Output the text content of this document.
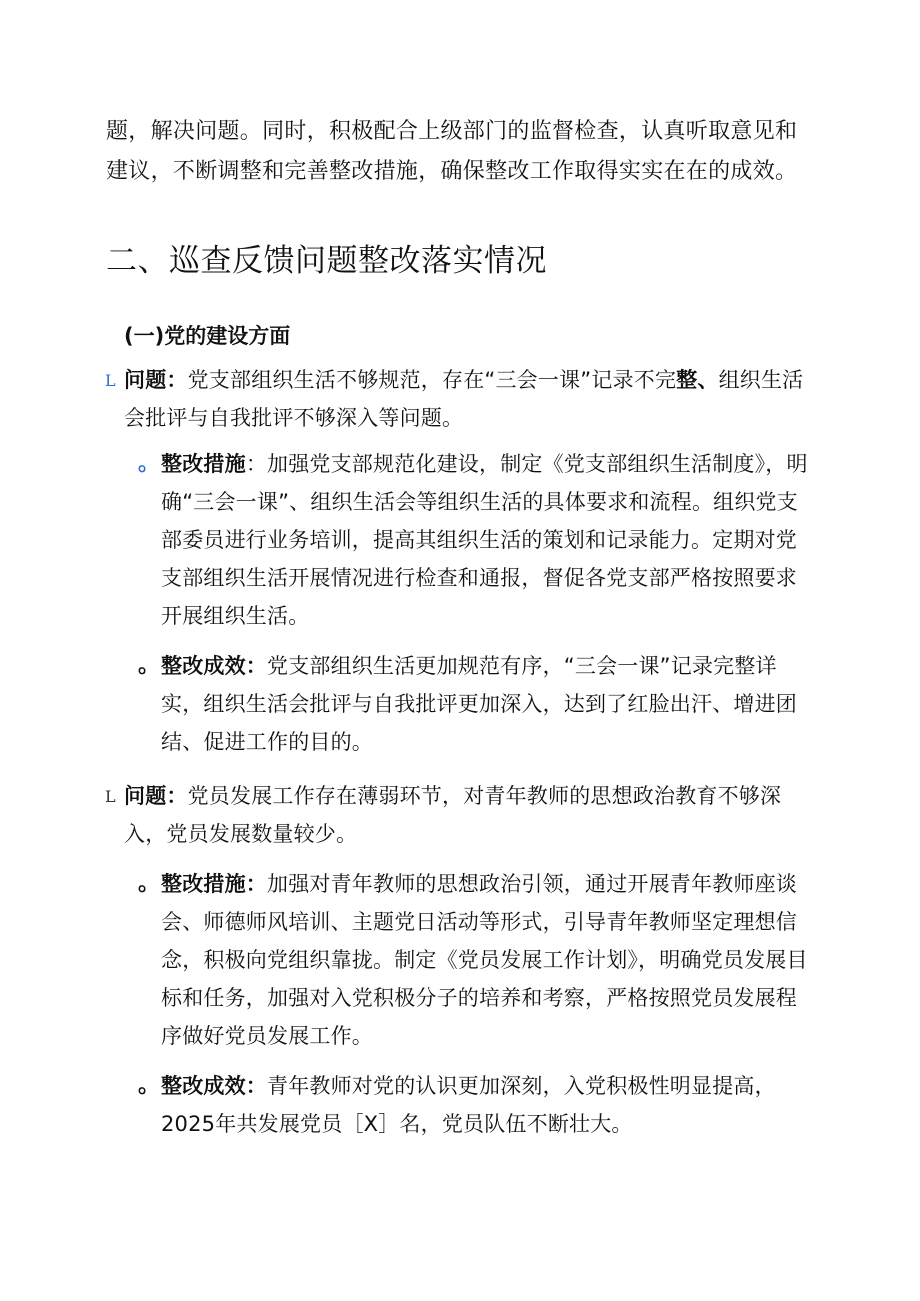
题，解决问题。同时，积极配合上级部门的监督检查，认真听取意见和建议，不断调整和完善整改措施，确保整改工作取得实实在在的成效。

二、巡查反馈问题整改落实情况
(一)党的建设方面
L 问题：党支部组织生活不够规范，存在“三会一课”记录不完整、组织生活会批评与自我批评不够深入等问题。
。 整改措施：加强党支部规范化建设，制定《党支部组织生活制度》，明确“三会一课”、组织生活会等组织生活的具体要求和流程。组织党支部委员进行业务培训，提高其组织生活的策划和记录能力。定期对党支部组织生活开展情况进行检查和通报，督促各党支部严格按照要求开展组织生活。
。 整改成效：党支部组织生活更加规范有序，“三会一课”记录完整详实，组织生活会批评与自我批评更加深入，达到了红脸出汗、增进团结、促进工作的目的。
L 问题：党员发展工作存在薄弱环节，对青年教师的思想政治教育不够深入，党员发展数量较少。
。 整改措施：加强对青年教师的思想政治引领，通过开展青年教师座谈会、师德师风培训、主题党日活动等形式，引导青年教师坚定理想信念，积极向党组织靠拢。制定《党员发展工作计划》，明确党员发展目标和任务，加强对入党积极分子的培养和考察，严格按照党员发展程序做好党员发展工作。
。 整改成效：青年教师对党的认识更加深刻，入党积极性明显提高，2025年共发展党员［X］名，党员队伍不断壮大。
